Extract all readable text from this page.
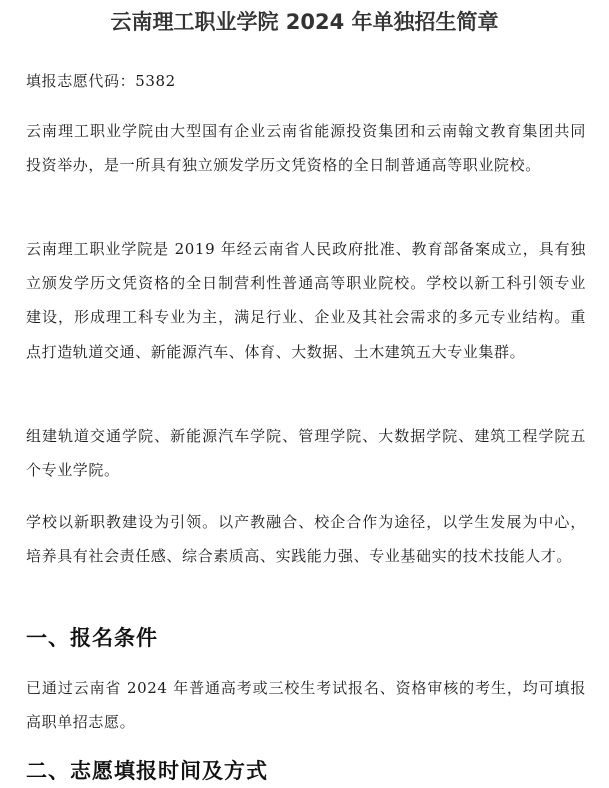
云南理工职业学院 2024 年单独招生简章
填报志愿代码：5382
云南理工职业学院由大型国有企业云南省能源投资集团和云南翰文教育集团共同投资举办，是一所具有独立颁发学历文凭资格的全日制普通高等职业院校。
云南理工职业学院是 2019 年经云南省人民政府批准、教育部备案成立，具有独立颁发学历文凭资格的全日制营利性普通高等职业院校。学校以新工科引领专业建设，形成理工科专业为主，满足行业、企业及其社会需求的多元专业结构。重点打造轨道交通、新能源汽车、体育、大数据、土木建筑五大专业集群。
组建轨道交通学院、新能源汽车学院、管理学院、大数据学院、建筑工程学院五个专业学院。
学校以新职教建设为引领。以产教融合、校企合作为途径，以学生发展为中心，培养具有社会责任感、综合素质高、实践能力强、专业基础实的技术技能人才。
一、报名条件
已通过云南省 2024 年普通高考或三校生考试报名、资格审核的考生，均可填报高职单招志愿。
二、志愿填报时间及方式
